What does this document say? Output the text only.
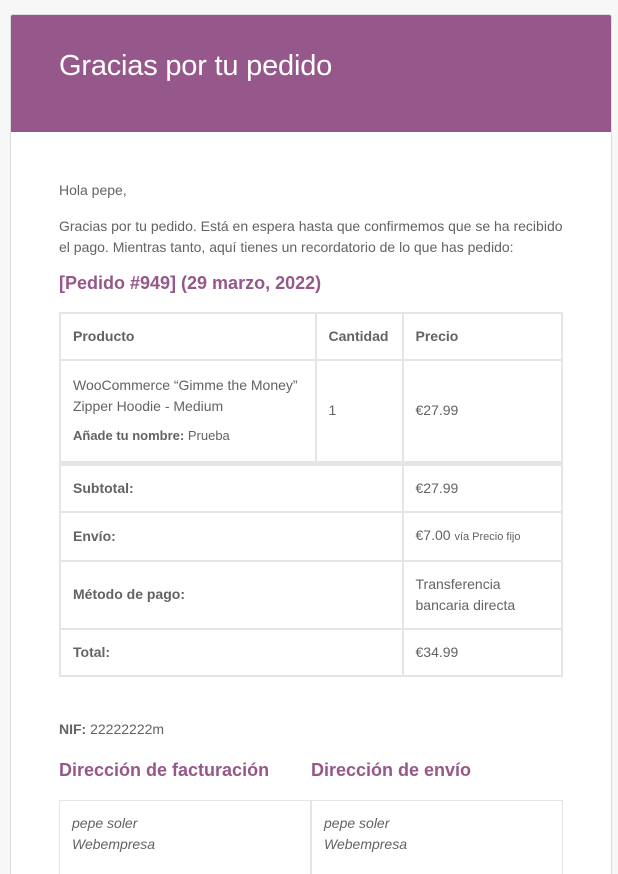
Gracias por tu pedido

Hola pepe,

Gracias por tu pedido. Está en espera hasta que confirmemos que se ha recibido el pago. Mientras tanto, aquí tienes un recordatorio de lo que has pedido:

[Pedido #949] (29 marzo, 2022)
Producto	Cantidad	Precio

WooCommerce “Gimme the Money” Zipper Hoodie - Medium
Añade tu nombre: Prueba	1	€27.99
Subtotal:		€27.99
Envío:		€7.00 vía Precio fijo
Método de pago:		Transferencia bancaria directa
Total:		€34.99
NIF: 22222222m
Dirección de facturación
pepe soler
Webempresa
Dirección de envío
pepe soler
Webempresa
